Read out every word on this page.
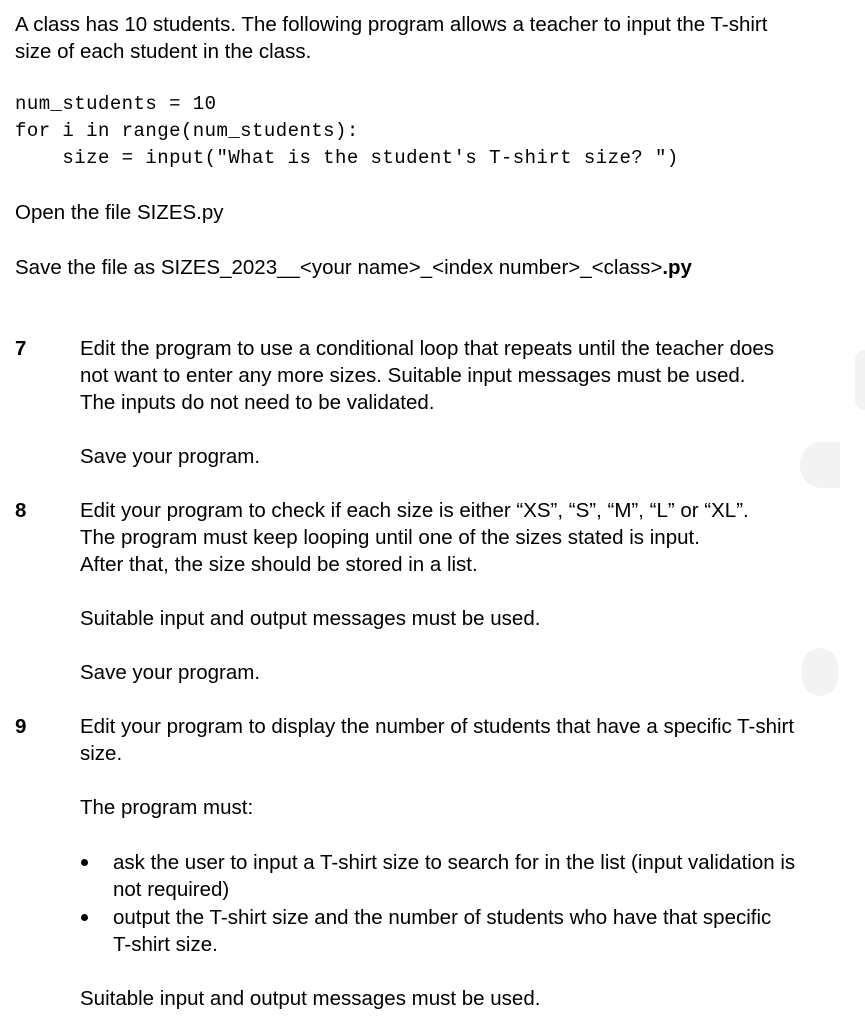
A class has 10 students. The following program allows a teacher to input the T-shirt
size of each student in the class.
num_students = 10
for i in range(num_students):
size = input("What is the student's T-shirt size? ")
Open the file SIZES.py
Save the file as SIZES_2023__<your name>_<index number>_<class>.py
7	Edit the program to use a conditional loop that repeats until the teacher does
not want to enter any more sizes. Suitable input messages must be used.
The inputs do not need to be validated.
Save your program.
8	Edit your program to check if each size is either “XS”, “S”, “M”, “L” or “XL”.
The program must keep looping until one of the sizes stated is input.
After that, the size should be stored in a list.
Suitable input and output messages must be used.
Save your program.
9	Edit your program to display the number of students that have a specific T-shirt
size.
The program must:
ask the user to input a T-shirt size to search for in the list (input validation is
not required)
output the T-shirt size and the number of students who have that specific
T-shirt size.
Suitable input and output messages must be used.
